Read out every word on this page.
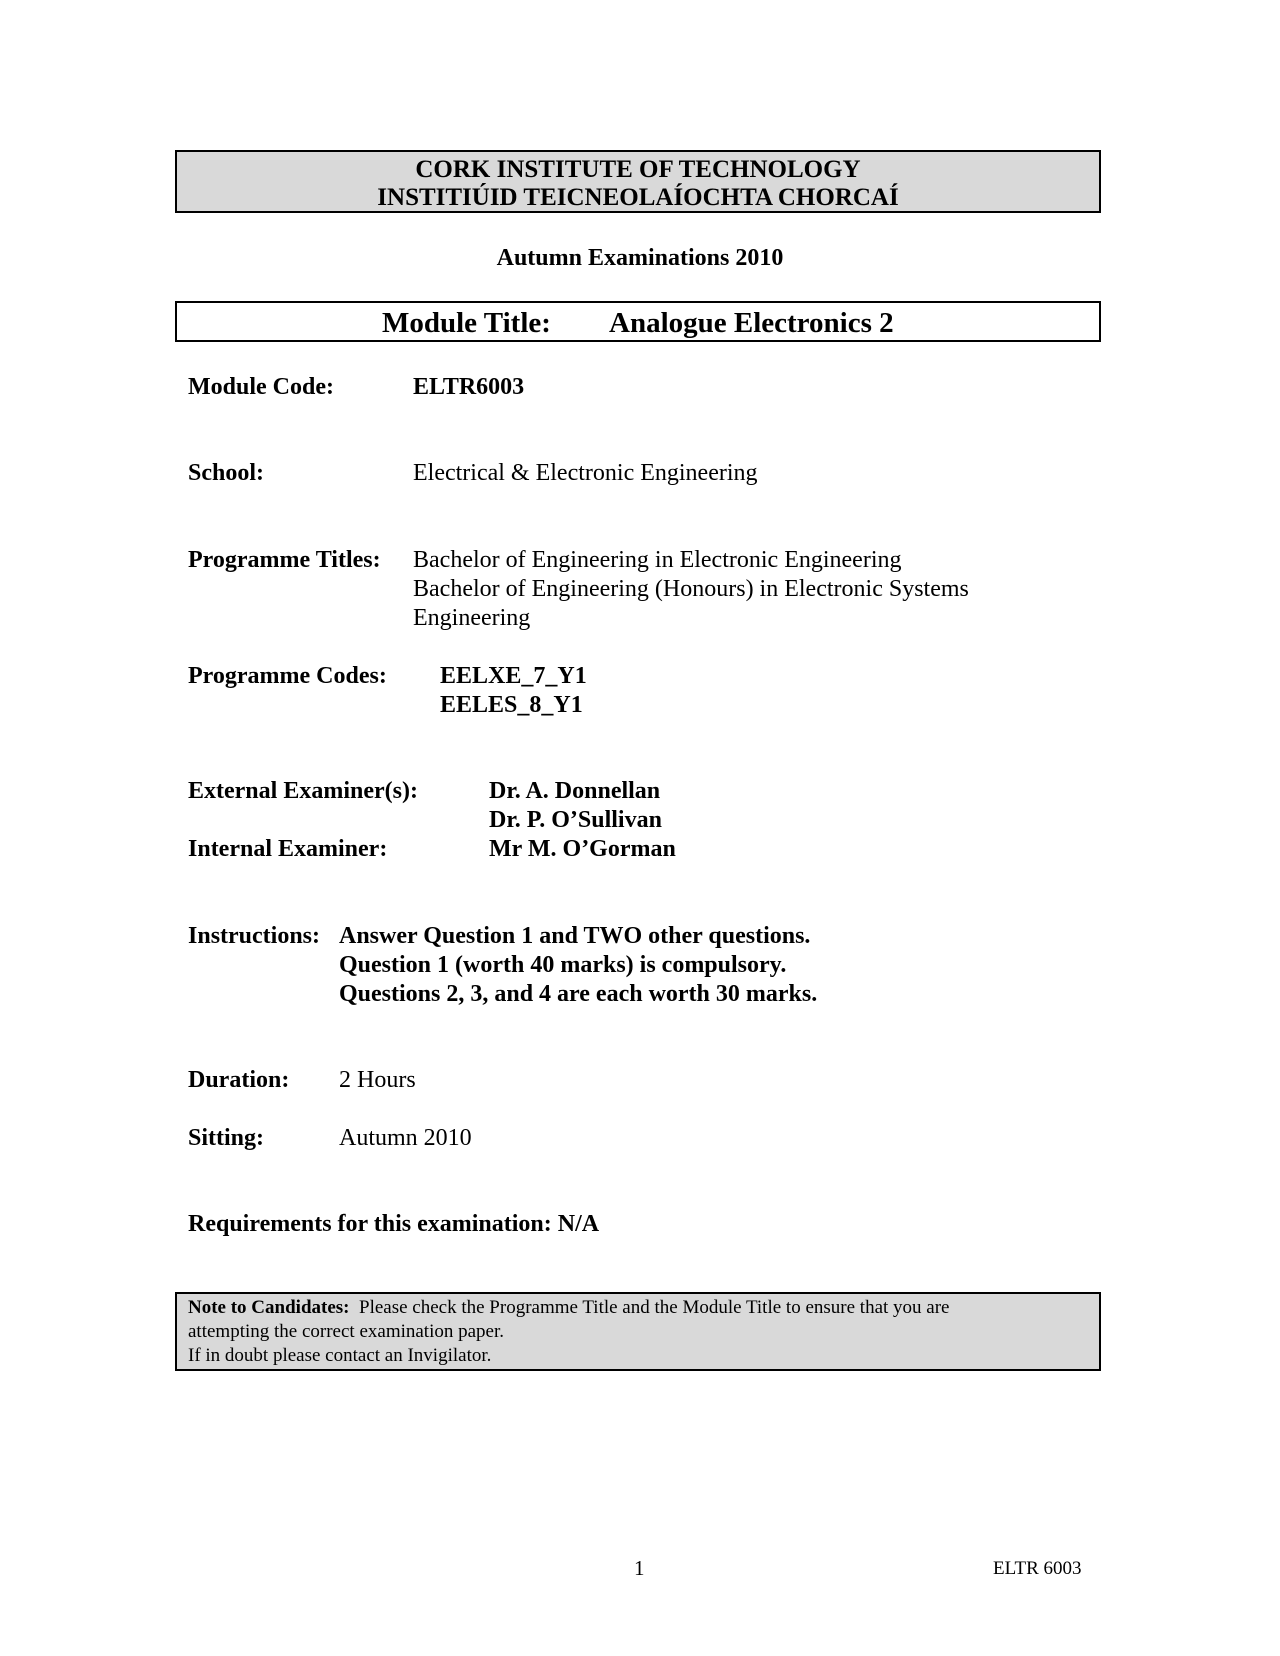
CORK INSTITUTE OF TECHNOLOGY
INSTITIÚID TEICNEOLAÍOCHTA CHORCAÍ
Autumn Examinations 2010
Module Title: Analogue Electronics 2
Module Code:	ELTR6003
School:	Electrical & Electronic Engineering
Programme Titles: Bachelor of Engineering in Electronic Engineering
Bachelor of Engineering (Honours) in Electronic Systems
Engineering
Programme Codes: EELXE_7_Y1
EELES_8_Y1
External Examiner(s):	Dr. A. Donnellan
Dr. P. O’Sullivan
Internal Examiner:	Mr M. O’Gorman
Instructions: Answer Question 1 and TWO other questions.
Question 1 (worth 40 marks) is compulsory.
Questions 2, 3, and 4 are each worth 30 marks.
Duration: 2 Hours
Sitting:	Autumn 2010
Requirements for this examination: N/A
Note to Candidates: Please check the Programme Title and the Module Title to ensure that you are
attempting the correct examination paper.
If in doubt please contact an Invigilator.
1	ELTR 6003
